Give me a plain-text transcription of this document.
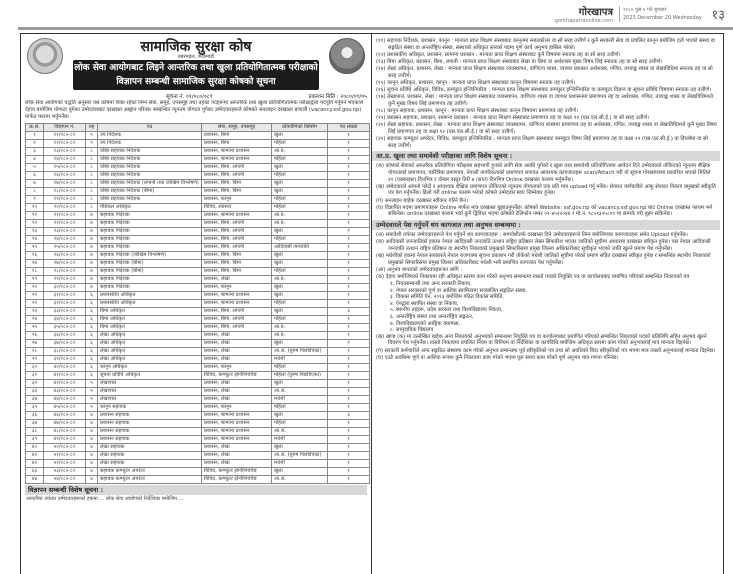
गोरखापत्र
gorkhapatraonline.com
२०८० पुस ५ गते बुधबार
2023 December 20 Wednesday १३
सामाजिक सुरक्षा कोष
बबरमहल, काठमाडौं
लोक सेवा आयोगबाट लिइने आन्तरिक तथा खुला प्रतियोगितात्मक परीक्षाको
विज्ञापन सम्बन्धी सामाजिक सुरक्षा कोषको सूचना
सूचना नं. ०१/०८०/०८१	प्रकाशन मिति : २०८०/०९/०५
लोक सेवा आयोगको पद्धति अनुसार यस कोषमा रिक्त रहेका निम्न सेवा, समूह, उपसमूह तथा तहका पदहरूमा आन्तरिक तथा खुला प्रतियोगितात्मक परीक्षाद्वारा पदपूर्ति गर्नुपर्ने भएकाले देहाय बमोजिम योग्यता पुगेका उम्मेदवारबाट दरखास्त आह्वान गरिन्छ। सम्बन्धित न्यूनतम योग्यता पुगेका उम्मेदवारहरूले कोषको अनलाइन दरखास्त प्रणाली (vacancy.ssf.gov.np) मार्फत फाराम भर्नुपर्नेछ।
क्र.सं.	विज्ञापन नं.	तह	पद	सेवा, समूह, उपसमूह	प्रतियोगिको किसिम	पद संख्या
१	११/०८०-८१	९	उप निर्देशक	प्रशासन, बिमा	खुला	१
२	१२/०८०-८१	९	उप निर्देशक	प्रशासन, बिमा	महिला	१
३	१३/०८०-८१	८	वरिष्ठ सहायक निर्देशक	प्रशासन, सामान्य प्रशासन	आ.प्र.	१
४	१४/०८०-८१	८	वरिष्ठ सहायक निर्देशक	प्रशासन, सामान्य प्रशासन	महिला	१
५	१५/०८०-८१	८	वरिष्ठ सहायक निर्देशक	प्रशासन, बिमा, लगानी	खुला	१
६	१६/०८०-८१	८	वरिष्ठ सहायक निर्देशक	प्रशासन, बिमा, लगानी	महिला	१
७	१७/०८०-८१	८	वरिष्ठ सहायक निर्देशक (लगानी तथा जोखिम विश्लेषण)	प्रशासन, बिमा, बिमा	खुला	१
८	१८/०८०-८१	८	वरिष्ठ सहायक निर्देशक (बीमा)	प्रशासन, बिमा, बिमा	खुला	१
९	१९/०८०-८१	८	वरिष्ठ सहायक निर्देशक	प्रशासन, कानून	महिला	१
१०	२०/०८०-८१	८	मेडिकल अधिकृत	विविध, स्वास्थ्य	महिला	१
११	२१/०८०-८१	७	सहायक निर्देशक	प्रशासन, सामान्य प्रशासन	आ.प्र.	१
१२	२२/०८०-८१	७	सहायक निर्देशक	प्रशासन, बिमा, लगानी	आ.प्र.	१
१३	२३/०८०-८१	७	सहायक निर्देशक	प्रशासन, बिमा, लगानी	खुला	२
१४	२४/०८०-८१	७	सहायक निर्देशक	प्रशासन, बिमा, लगानी	महिला	१
१५	२५/०८०-८१	७	सहायक निर्देशक	प्रशासन, बिमा, लगानी	आदिवासी जनजाति	१
१६	२६/०८०-८१	७	सहायक निर्देशक (जोखिम विश्लेषण)	प्रशासन, बिमा, बिमा	खुला	१
१७	२७/०८०-८१	७	सहायक निर्देशक (बीमा)	प्रशासन, बिमा, बिमा	खुला	१
१८	२८/०८०-८१	७	सहायक निर्देशक (बीमा)	प्रशासन, बिमा, बिमा	महिला	१
१९	२९/०८०-८१	७	सहायक निर्देशक	प्रशासन, लेखा	आ.प्र.	१
२०	३०/०८०-८१	७	सहायक निर्देशक	प्रशासन, कानून	खुला	१
२१	३१/०८०-८१	६	प्रशासकीय अधिकृत	प्रशासन, सामान्य प्रशासन	खुला	१
२२	३२/०८०-८१	६	प्रशासकीय अधिकृत	प्रशासन, सामान्य प्रशासन	महिला	१
२३	३३/०८०-८१	६	बिमा अधिकृत	प्रशासन, बिमा, लगानी	खुला	३
२४	३४/०८०-८१	६	बिमा अधिकृत	प्रशासन, बिमा, लगानी	महिला	१
२५	३५/०८०-८१	६	बिमा अधिकृत	प्रशासन, बिमा, लगानी	आ.प्र.	१
२६	३६/०८०-८१	६	लेखा अधिकृत	प्रशासन, लेखा	आ.प्र.	१
२७	३७/०८०-८१	६	लेखा अधिकृत	प्रशासन, लेखा	खुला	२
२८	३८/०८०-८१	६	लेखा अधिकृत	प्रशासन, लेखा	आ.ज. (पुरुष पिछडिएका)	१
२९	३९/०८०-८१	६	लेखा अधिकृत	प्रशासन, लेखा	मधेशी	१
३०	४०/०८०-८१	६	कानून अधिकृत	प्रशासन, कानून	महिला	१
३१	४१/०८०-८१	६	सूचना प्रविधि अधिकृत	विविध, कम्प्युटर इन्जिनियरिङ	महिला (पुरुष पिछडिएका)	१
३२	४२/०८०-८१	५	लेखापाल	प्रशासन, लेखा	खुला	१
३३	४३/०८०-८१	५	लेखापाल	प्रशासन, लेखा	आ.ज.	१
३४	४४/०८०-८१	५	लेखापाल	प्रशासन, लेखा	मधेशी	१
३५	४५/०८०-८१	५	कानून सहायक	प्रशासन, कानून	महिला	१
३६	४६/०८०-८१	४	प्रशासन सहायक	प्रशासन, सामान्य प्रशासन	खुला	३
३७	४७/०८०-८१	४	प्रशासन सहायक	प्रशासन, सामान्य प्रशासन	महिला	१
३८	४८/०८०-८१	४	प्रशासन सहायक	प्रशासन, सामान्य प्रशासन	आ.ज.	१
३९	४९/०८०-८१	४	प्रशासन सहायक	प्रशासन, सामान्य प्रशासन	मधेशी	१
४०	५०/०८०-८१	४	लेखा सहायक	प्रशासन, लेखा	खुला	१
४१	५१/०८०-८१	४	लेखा सहायक	प्रशासन, लेखा	आ.ज. (पुरुष पिछडिएका)	१
४२	५२/०८०-८१	४	लेखा सहायक	प्रशासन, लेखा	मधेशी	१
४३	५३/०८०-८१	४	सहायक कम्प्युटर अपरेटर	विविध, कम्प्युटर इन्जिनियरिङ	खुला	१
४४	५४/०८०-८१	४	सहायक कम्प्युटर अपरेटर	विविध, कम्प्युटर इन्जिनियरिङ	आ.ज.	१
विज्ञापन सम्बन्धी विशेष सूचना :
आन्तरिक तर्फका उम्मेदवारहरूको हकमा ... लोक सेवा आयोगको निर्देशिका बमोजिम ...
(११) सहायक निर्देशक, प्रशासन, कानून : मान्यता प्राप्त शिक्षण संस्थाबाट कानूनमा स्नातकोत्तर वा सो सरह उत्तीर्ण र कुनै सरकारी सेवा वा प्रचलित कानून बमोजिम दर्ता भएको संस्था वा सङ्गठित संस्था वा अन्तर्राष्ट्रिय संस्था, संस्थाको अधिकृत स्तरको पदमा पूर्ण कार्य अनुभव हासिल गरेको।
(१२) प्रशासकीय अधिकृत, प्रशासन, सामान्य प्रशासन : मान्यता प्राप्त शिक्षण संस्थाबाट कुनै विषयमा स्नातक तह वा सो सरह उत्तीर्ण।
(१३) बिमा अधिकृत, प्रशासन, बिमा, लगानी : मान्यता प्राप्त शिक्षण संस्थाबाट लेखा वा बिमा वा अर्थशास्त्र मुख्य विषय लिई स्नातक तह वा सो सरह उत्तीर्ण।
(१४) लेखा अधिकृत, प्रशासन, लेखा : मान्यता प्राप्त शिक्षण संस्थाबाट व्यवस्थापन, वाणिज्य शास्त्र, व्यापार प्रशासन अर्थशास्त्र, गणित, तथ्याङ्क शास्त्र वा लेखाविधिमा स्नातक तह वा सो सरह उत्तीर्ण।
(१५) कानून अधिकृत, प्रशासन, कानून : मान्यता प्राप्त शिक्षण संस्थाबाट कानून विषयमा स्नातक तह उत्तीर्ण।
(१६) सूचना प्रविधि अधिकृत, विविध, कम्प्युटर इन्जिनियरिङ : मान्यता प्राप्त शिक्षण संस्थाबाट कम्प्युटर इन्जिनियरिङ वा कम्प्युटर विज्ञान वा सूचना प्रविधि विषयमा स्नातक तह उत्तीर्ण।
(१७) लेखापाल, प्रशासन, लेखा : मान्यता प्राप्त शिक्षण संस्थाबाट व्यवस्थापन, वाणिज्य शास्त्र वा व्यापार प्रशासनमा प्रमाणपत्र तह वा अर्थशास्त्र, गणित, तथ्याङ्क शास्त्र वा लेखाविधिमध्ये कुनै मुख्य विषय लिई प्रमाणपत्र तह उत्तीर्ण।
(१८) कानून सहायक, प्रशासन, कानून : मान्यता प्राप्त शिक्षण संस्थाबाट कानून विषयमा प्रमाणपत्र तह उत्तीर्ण।
(१९) प्रशासन सहायक, प्रशासन, सामान्य प्रशासन : मान्यता प्राप्त शिक्षण संस्थाबाट प्रमाणपत्र तह वा कक्षा १२ (एस.एल.सी.ई.) वा सो सरह उत्तीर्ण।
(२०) लेखा सहायक, प्रशासन, लेखा : मान्यता प्राप्त शिक्षण संस्थाबाट व्यवस्थापन, वाणिज्य शास्त्रमा प्रमाणपत्र तह वा अर्थशास्त्र, गणित, तथ्याङ्क शास्त्र वा लेखाविधिमध्ये कुनै मुख्य विषय लिई प्रमाणपत्र तह वा कक्षा १२ (एस.एल.सी.ई.) वा सो सरह उत्तीर्ण।
(२१) सहायक कम्प्युटर अपरेटर, विविध, कम्प्युटर इन्जिनियरिङ : मान्यता प्राप्त शिक्षण संस्थाबाट कम्प्युटर विषय लिई प्रमाणपत्र तह वा कक्षा १२ (एस.एल.सी.ई.) वा डिप्लोमा वा सो सरह उत्तीर्ण।
आ.प्र. खुला तथा समावेशी परीक्षाका लागि विशेष सूचना :
(क) कोषको सेवाको आन्तरिक प्रतियोगिता परीक्षामा सहभागी हुनको लागि सेवा अवधि पुगेको र खुला तथा समावेशी प्रतियोगितामा आवेदन दिने उम्मेदवारले तोकिएको न्यूनतम शैक्षिक योग्यताको प्रमाणपत्र, चारित्रिक प्रमाणपत्र, नेपाली नागरिकताको प्रमाणपत्र लगायत आवश्यक कागजातहरू scan/Attach गरी यो सूचना गोरखापत्रमा प्रकाशित भएको मितिले २१ (एक्काइस) दिनभित्र र दोब्बर दस्तुर तिरी ७ (सात) दिनभित्र Online दरखास्त फाराम भर्नुपर्नेछ।
(ख) उम्मेदवारले आफ्नो फोटो र आवश्यक शैक्षिक प्रमाणपत्र तोकिएको न्यूनतम योग्यताको एक प्रति मात्र upload गर्नु पर्नेछ। सेवारत कर्मचारीले आफू सेवारत निकाय प्रमुखको स्वीकृति पत्र पेश गर्नुपर्नेछ। ढिलो गरी online फाराम भरेको कोषले उम्मेदवार स्वयं जिम्मेवार हुनेछ।
(ग) अनलाइन बाहेक दरखास्त स्वीकार गरिने छैन।
(घ) विज्ञापित पदमा प्रमाणपत्रहरू Online मार्फत मात्र दरखास्त बुझाउनुपर्नेछ। कोषको Website: ssf.gov.np को vacancy.ssf.gov.np बाट Online दरखास्त फाराम भर्न सकिनेछ। online दरखास्त फाराम भर्दा कुनै द्विविधा भएमा कोषको टेलिफोन नम्बर ०१-४५१२०४४ र मो.नं. ९८५१३२५८०० मा सम्पर्क गरी बुझ्न सकिनेछ।
उम्मेदवारले पेश गर्नुपर्ने थप कागजात तथा अनुभव सम्बन्धमा :
(अ) समावेशी तर्फका उम्मेदवारहरूले पेश गर्नुपर्ने थप कागजातहरू : समावेशीतर्फ दरखास्त दिने उम्मेदवारहरूले निम्न बमोजिमका कागजातहरू समेत Upload गर्नुपर्नेछ।
(क) आदिवासी जनजातिको हकमा नेपाल आदिवासी जनजाति उत्थान राष्ट्रिय प्रतिष्ठान लेख्न सिफारिश भएका जातिको सूचीमा आधारमा दरखास्त स्वीकृत हुनेछ। यस नेपाल आदिवासी जनजाति उत्थान राष्ट्रिय प्रतिष्ठान वा स्थानीय निकायको प्रमुखको सिफारिसमा प्रमुख जिल्ला अधिकारीबाट सूचीकृत भएको जाति खुल्ने प्रमाण पेश गर्नुपर्नेछ।
(ख) मधेशीको हकमा नेपाल सरकारले नेपाल राजपत्रमा सूचना प्रकाशन गरी तोकेको मधेशी जातिको सूचीमा परेको प्रमाण सहित दरखास्त स्वीकृत हुनेछ र सम्बन्धित स्थानीय निकायको प्रमुखको सिफारिसमा प्रमुख जिल्ला अधिकारीबाट मधेशी भनी प्रमाणित कागजात पेश गर्नुपर्नेछ।
(आ) अनुभव बापतको उम्मेदवारहरूका लागि :
(क) देहाय बमोजिमको निकायमा रही अधिकृत स्तरमा काम गरेको अनुभव सम्बन्धमा त्यस्तो पदको नियुक्ति पत्र वा कार्यालयबाट प्रमाणित गरिएको सम्बन्धित निकायको पत्र
१. नियतसम्बन्धी तथा अन्य सरकारी निकाय,
२. नेपाल सरकारको पूर्ण वा आंशिक स्वामित्वमा सञ्चालित सङ्गठित संस्था,
३. विकास समिति ऐन, २०१३ बमोजिम गठित विकास समिति,
४. ऐनद्वारा स्थापित संस्था वा निकाय,
५. स्थानीय तहहरू, प्रदेश सरकार तथा विश्वविद्यालय निकाय,
६. अन्तर्राष्ट्रिय संस्था तथा अन्तर्राष्ट्रिय सङ्गठन,
७. विश्वविद्यालयको आङ्गिक क्याम्पस,
८. सामुदायिक विद्यालय
(ख) खण्ड (क) मा उल्लेखित बाहेक अन्य निकायको अनुभवको सम्बन्धमा नियुक्ति पत्र वा कार्यालयबाट प्रमाणित गरिएको सम्बन्धित निकायको पदको प्रतिलिपि सहित अनुभव खुल्ने विवरण पेश गर्नुपर्नेछ। त्यस्तो निकायमा प्रचलित नियम वा विनियम वा निर्देशिका वा कार्यविधि बमोजिम अधिकृत स्तरमा काम गरेको अनुभवलाई मात्र मान्यता दिइनेछ।
(ग) सरकारी कर्मचारीले अन्य सङ्गठित संस्थामा काम गरेको अनुभव सम्बन्धमा पूर्व स्वीकृतिको पत्र तथा सो अवधिको बिदा स्वीकृतिको पत्र भएमा मात्र त्यस्तो अनुभवलाई मान्यता दिइनेछ।
(घ) एउटै अवधिमा पूर्ण वा आंशिक रूपमा कुनै निकायमा काम गरेको भएमा पूरा समय काम गरेको पूर्ण अनुभव मात्र गणना गरिनेछ।
